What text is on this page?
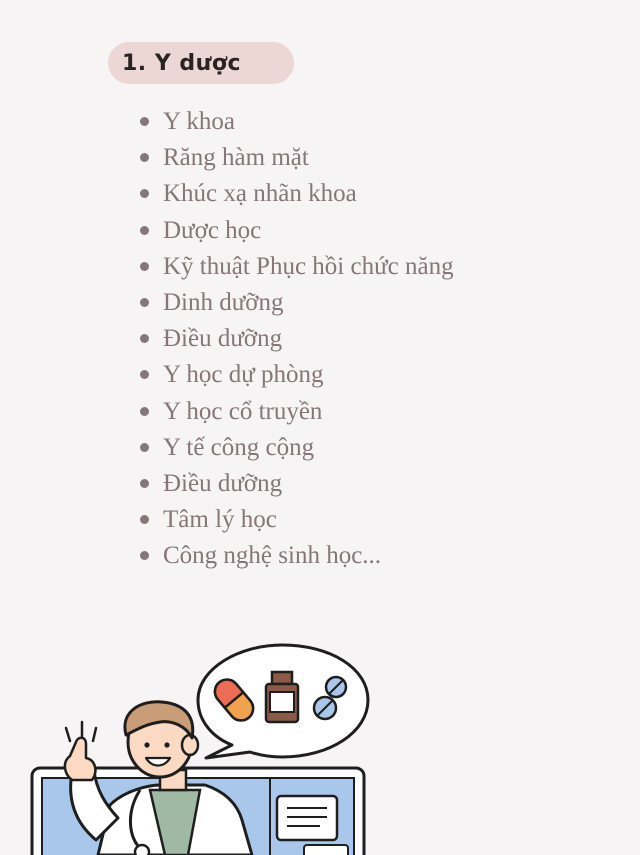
1. Y dược
Y khoa
Răng hàm mặt
Khúc xạ nhãn khoa
Dược học
Kỹ thuật Phục hồi chức năng
Dinh dưỡng
Điều dưỡng
Y học dự phòng
Y học cổ truyền
Y tế công cộng
Điều dưỡng
Tâm lý học
Công nghệ sinh học...
